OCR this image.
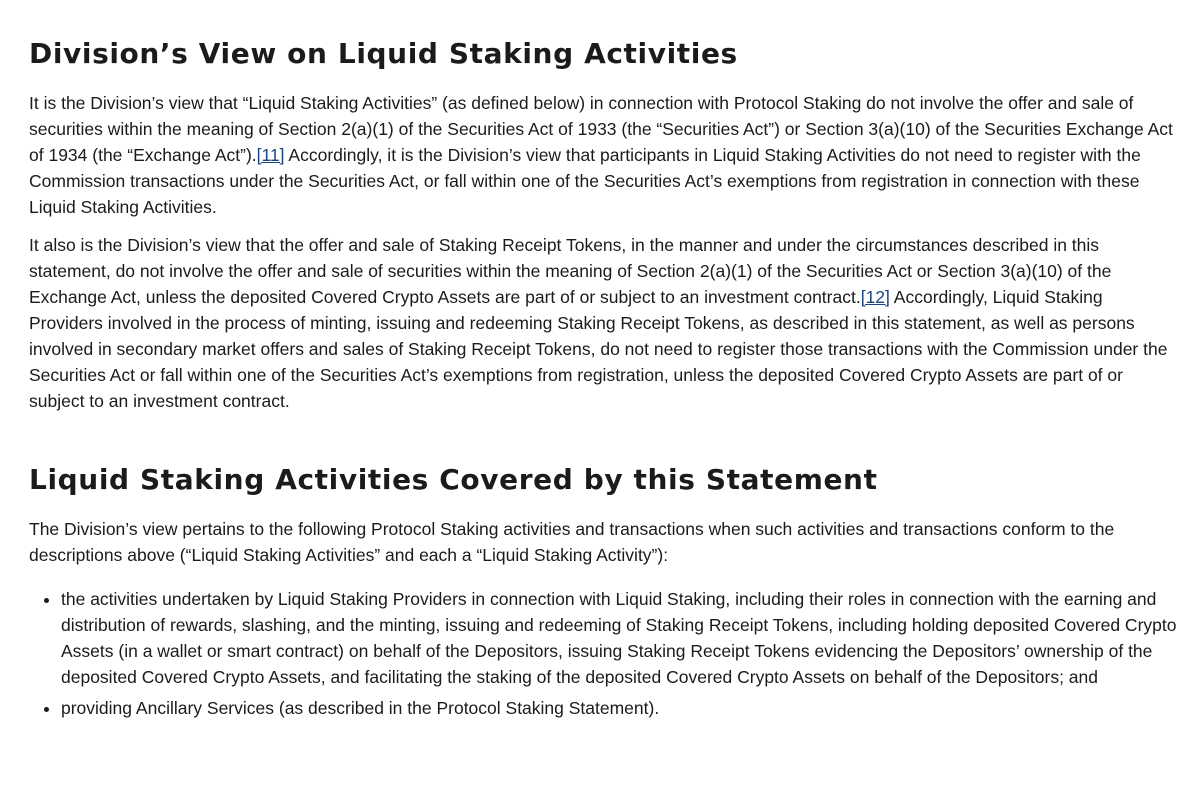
Division’s View on Liquid Staking Activities

It is the Division’s view that “Liquid Staking Activities” (as defined below) in connection with Protocol Staking do not involve the offer and sale of securities within the meaning of Section 2(a)(1) of the Securities Act of 1933 (the “Securities Act”) or Section 3(a)(10) of the Securities Exchange Act of 1934 (the “Exchange Act”).[11] Accordingly, it is the Division’s view that participants in Liquid Staking Activities do not need to register with the Commission transactions under the Securities Act, or fall within one of the Securities Act’s exemptions from registration in connection with these Liquid Staking Activities.

It also is the Division’s view that the offer and sale of Staking Receipt Tokens, in the manner and under the circumstances described in this statement, do not involve the offer and sale of securities within the meaning of Section 2(a)(1) of the Securities Act or Section 3(a)(10) of the Exchange Act, unless the deposited Covered Crypto Assets are part of or subject to an investment contract.[12] Accordingly, Liquid Staking Providers involved in the process of minting, issuing and redeeming Staking Receipt Tokens, as described in this statement, as well as persons involved in secondary market offers and sales of Staking Receipt Tokens, do not need to register those transactions with the Commission under the Securities Act or fall within one of the Securities Act’s exemptions from registration, unless the deposited Covered Crypto Assets are part of or subject to an investment contract.

Liquid Staking Activities Covered by this Statement

The Division’s view pertains to the following Protocol Staking activities and transactions when such activities and transactions conform to the descriptions above (“Liquid Staking Activities” and each a “Liquid Staking Activity”):

• the activities undertaken by Liquid Staking Providers in connection with Liquid Staking, including their roles in connection with the earning and distribution of rewards, slashing, and the minting, issuing and redeeming of Staking Receipt Tokens, including holding deposited Covered Crypto Assets (in a wallet or smart contract) on behalf of the Depositors, issuing Staking Receipt Tokens evidencing the Depositors’ ownership of the deposited Covered Crypto Assets, and facilitating the staking of the deposited Covered Crypto Assets on behalf of the Depositors; and
• providing Ancillary Services (as described in the Protocol Staking Statement).
